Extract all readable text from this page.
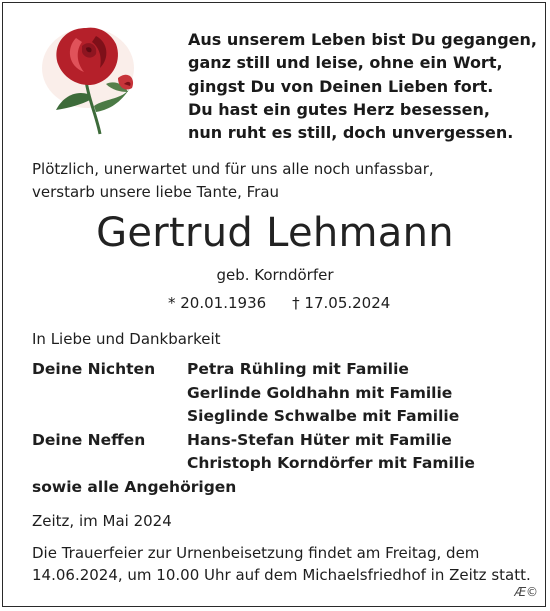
Aus unserem Leben bist Du gegangen,
ganz still und leise, ohne ein Wort,
gingst Du von Deinen Lieben fort.
Du hast ein gutes Herz besessen,
nun ruht es still, doch unvergessen.
Plötzlich, unerwartet und für uns alle noch unfassbar,
verstarb unsere liebe Tante, Frau
Gertrud Lehmann
geb. Korndörfer
* 20.01.1936 † 17.05.2024
In Liebe und Dankbarkeit
Deine Nichten Petra Rühling mit Familie
Gerlinde Goldhahn mit Familie
Sieglinde Schwalbe mit Familie
Deine Neffen	Hans-Stefan Hüter mit Familie
Christoph Korndörfer mit Familie
sowie alle Angehörigen
Zeitz, im Mai 2024
Die Trauerfeier zur Urnenbeisetzung findet am Freitag, dem
14.06.2024, um 10.00 Uhr auf dem Michaelsfriedhof in Zeitz statt.
Æ©
